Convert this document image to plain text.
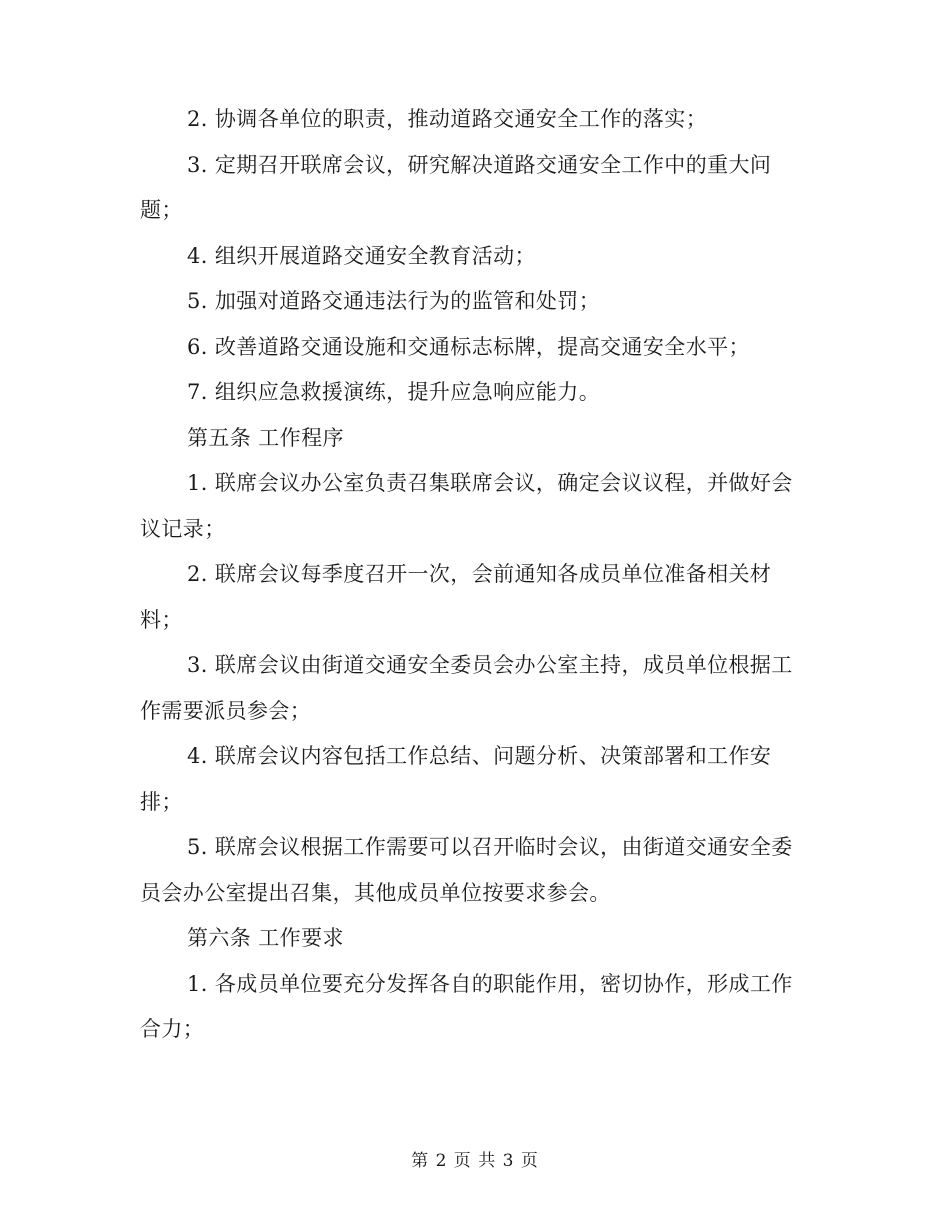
2. 协调各单位的职责，推动道路交通安全工作的落实；

3. 定期召开联席会议，研究解决道路交通安全工作中的重大问题；

4. 组织开展道路交通安全教育活动；

5. 加强对道路交通违法行为的监管和处罚；

6. 改善道路交通设施和交通标志标牌，提高交通安全水平；

7. 组织应急救援演练，提升应急响应能力。

第五条 工作程序

1. 联席会议办公室负责召集联席会议，确定会议议程，并做好会议记录；

2. 联席会议每季度召开一次，会前通知各成员单位准备相关材料；

3. 联席会议由街道交通安全委员会办公室主持，成员单位根据工作需要派员参会；

4. 联席会议内容包括工作总结、问题分析、决策部署和工作安排；

5. 联席会议根据工作需要可以召开临时会议，由街道交通安全委员会办公室提出召集，其他成员单位按要求参会。

第六条 工作要求

1. 各成员单位要充分发挥各自的职能作用，密切协作，形成工作合力；

第 2 页 共 3 页
